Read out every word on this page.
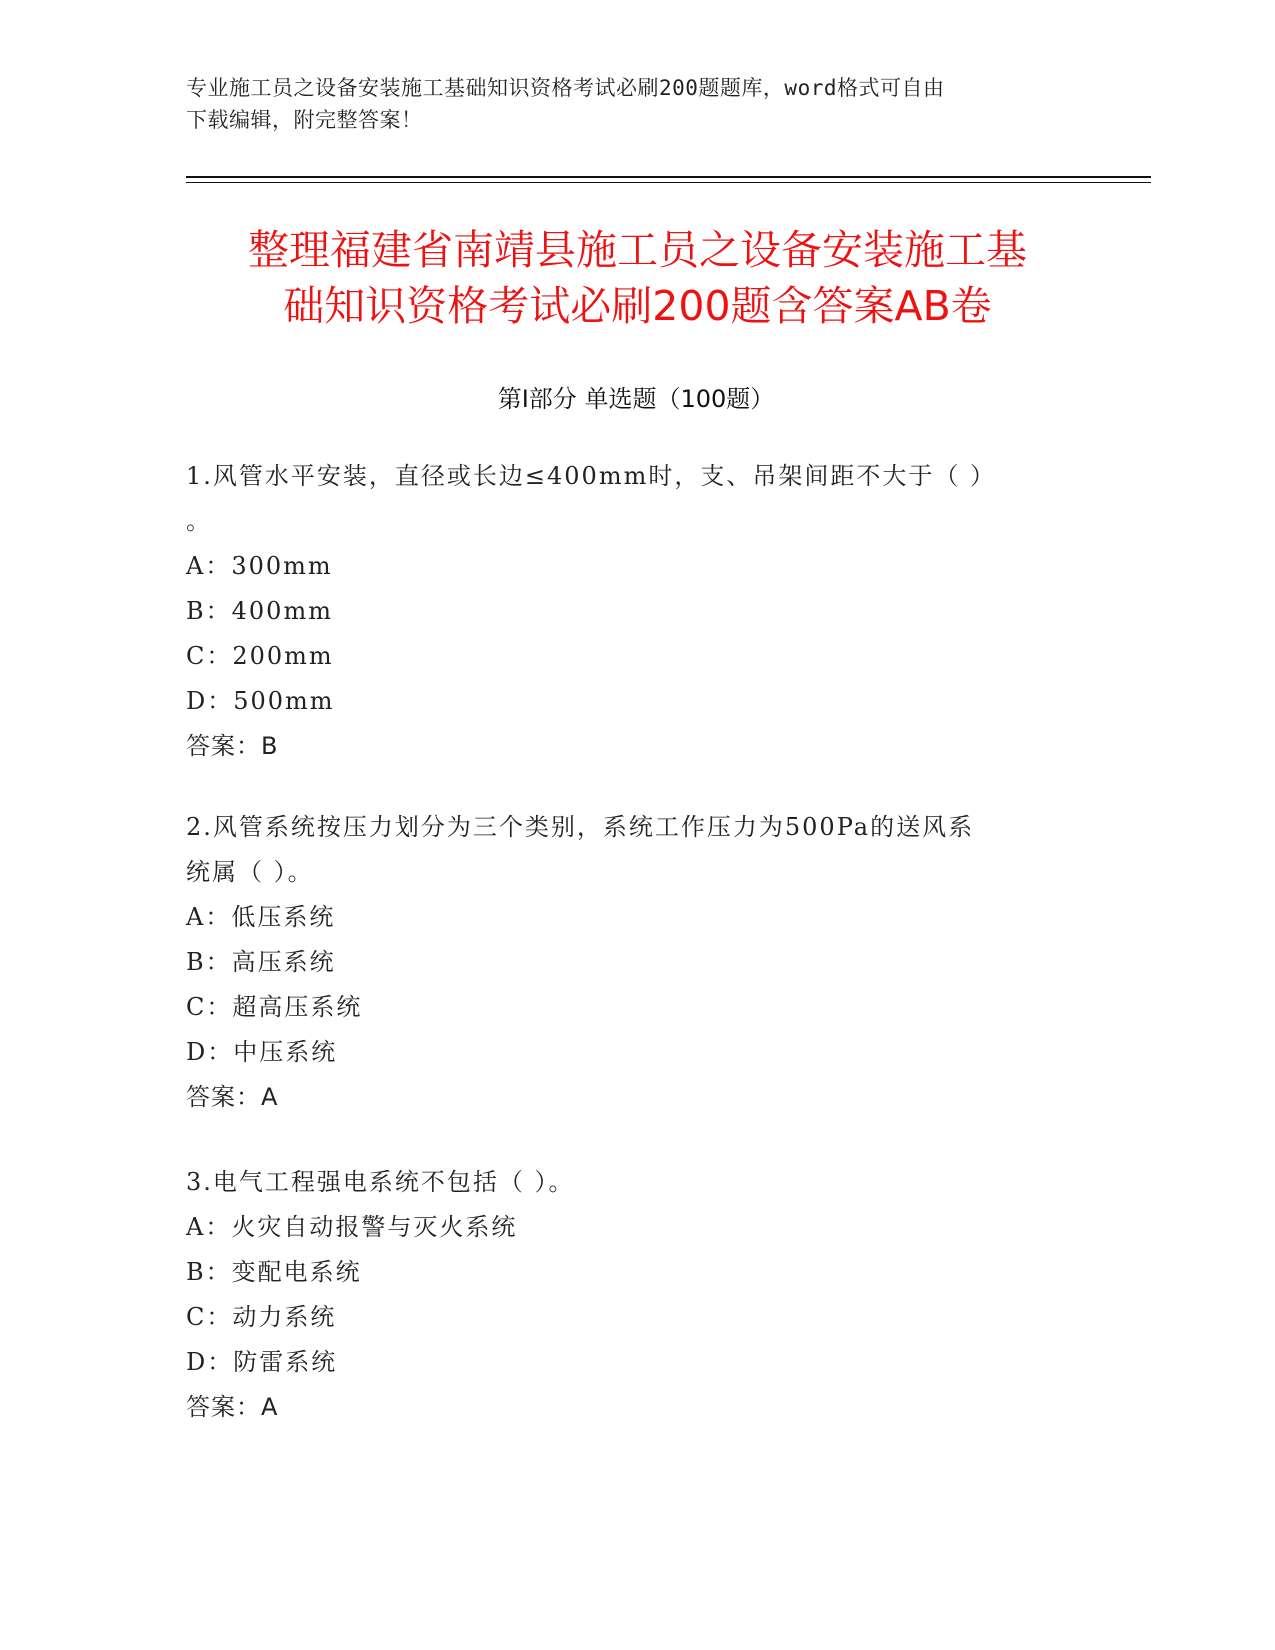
专业施工员之设备安装施工基础知识资格考试必刷200题题库，word格式可自由
下载编辑，附完整答案！
整理福建省南靖县施工员之设备安装施工基
础知识资格考试必刷200题含答案AB卷
第Ⅰ部分 单选题（100题）
1.风管水平安装，直径或长边≤400mm时，支、吊架间距不大于（ ）
。
A：300mm
B：400mm
C：200mm
D：500mm
答案：B
2.风管系统按压力划分为三个类别，系统工作压力为500Pa的送风系
统属（ ）。
A：低压系统
B：高压系统
C：超高压系统
D：中压系统
答案：A
3.电气工程强电系统不包括（ ）。
A：火灾自动报警与灭火系统
B：变配电系统
C：动力系统
D：防雷系统
答案：A
